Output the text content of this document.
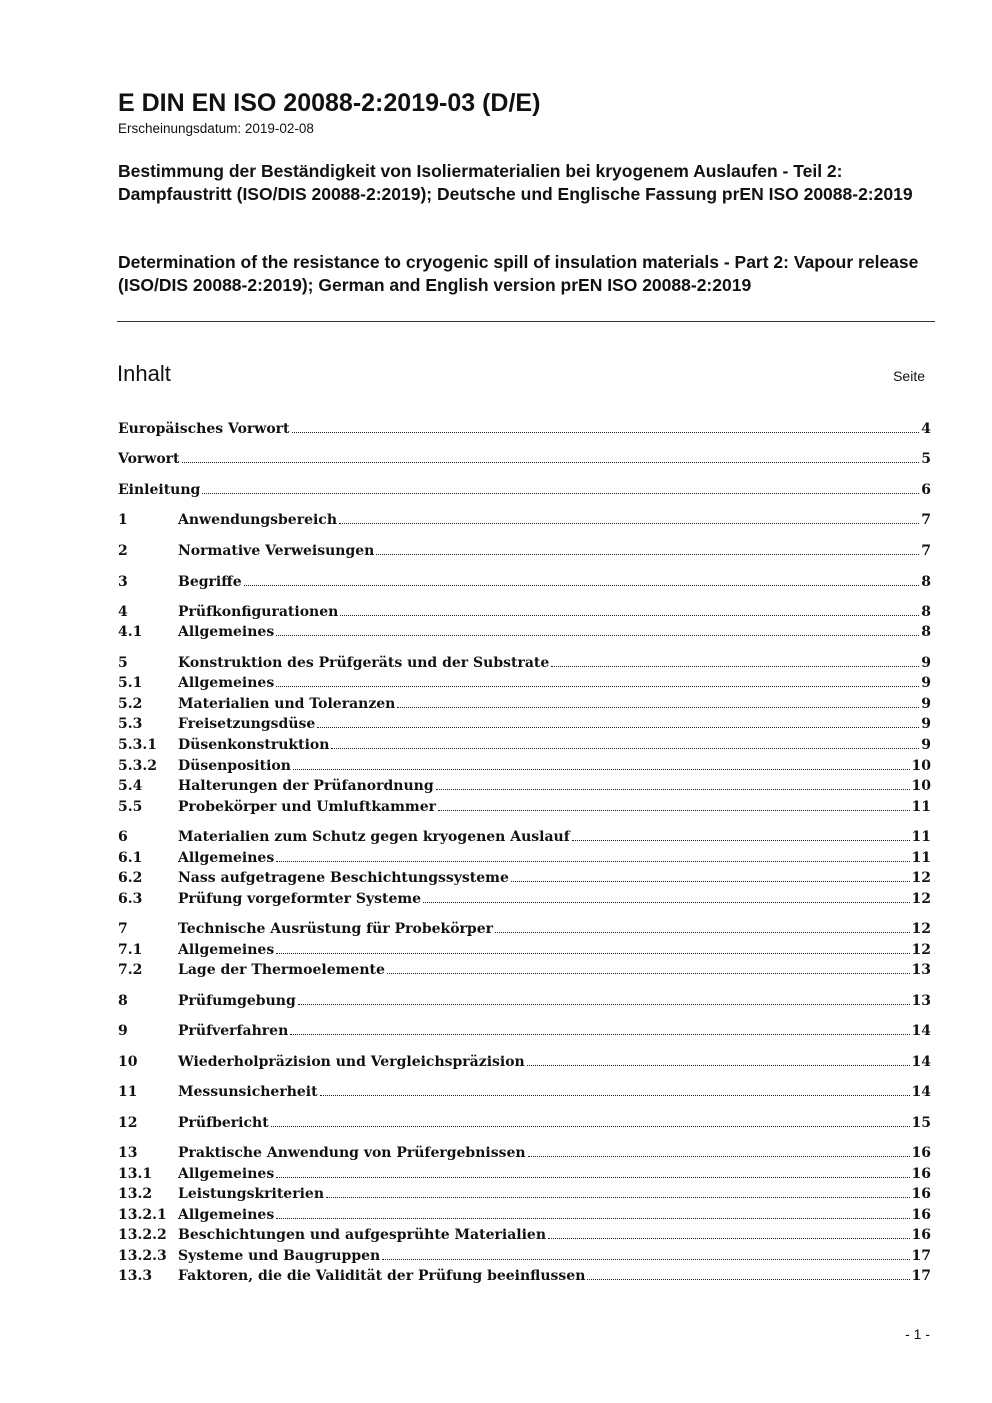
E DIN EN ISO 20088-2:2019-03 (D/E)
Erscheinungsdatum: 2019-02-08
Bestimmung der Beständigkeit von Isoliermaterialien bei kryogenem Auslaufen - Teil 2: Dampfaustritt (ISO/DIS 20088-2:2019); Deutsche und Englische Fassung prEN ISO 20088-2:2019
Determination of the resistance to cryogenic spill of insulation materials - Part 2: Vapour release (ISO/DIS 20088-2:2019); German and English version prEN ISO 20088-2:2019
Inhalt	Seite
Europäisches Vorwort	4
Vorwort	5
Einleitung	6
1	Anwendungsbereich	7
2	Normative Verweisungen	7
3	Begriffe	8
4	Prüfkonfigurationen	8
4.1	Allgemeines	8
5	Konstruktion des Prüfgeräts und der Substrate	9
5.1	Allgemeines	9
5.2	Materialien und Toleranzen	9
5.3	Freisetzungsdüse	9
5.3.1	Düsenkonstruktion	9
5.3.2	Düsenposition	10
5.4	Halterungen der Prüfanordnung	10
5.5	Probekörper und Umluftkammer	11
6	Materialien zum Schutz gegen kryogenen Auslauf	11
6.1	Allgemeines	11
6.2	Nass aufgetragene Beschichtungssysteme	12
6.3	Prüfung vorgeformter Systeme	12
7	Technische Ausrüstung für Probekörper	12
7.1	Allgemeines	12
7.2	Lage der Thermoelemente	13
8	Prüfumgebung	13
9	Prüfverfahren	14
10	Wiederholpräzision und Vergleichspräzision	14
11	Messunsicherheit	14
12	Prüfbericht	15
13	Praktische Anwendung von Prüfergebnissen	16
13.1	Allgemeines	16
13.2	Leistungskriterien	16
13.2.1 Allgemeines	16
13.2.2 Beschichtungen und aufgesprühte Materialien	16
13.2.3 Systeme und Baugruppen	17
13.3	Faktoren, die die Validität der Prüfung beeinflussen	17
- 1 -
